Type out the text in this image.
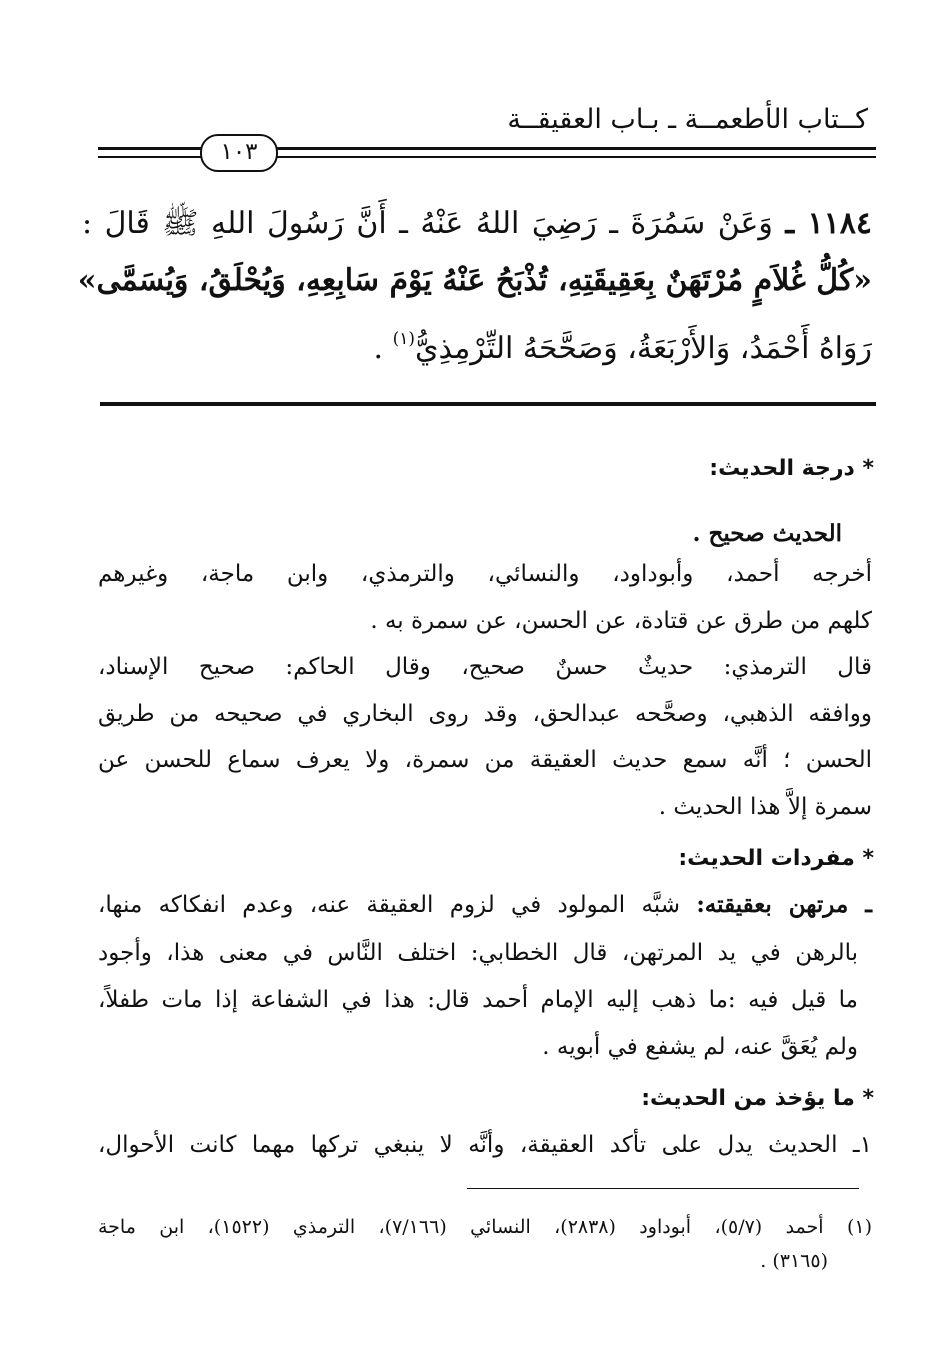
كــتاب الأطعمــة ـ بـاب العقيقــة
١٠٣
١١٨٤ ـ وَعَنْ سَمُرَةَ ـ رَضِيَ اللهُ عَنْهُ ـ أَنَّ رَسُولَ اللهِ ﷺ قَالَ :
«كُلُّ غُلاَمٍ مُرْتَهَنٌ بِعَقِيقَتِهِ، تُذْبَحُ عَنْهُ يَوْمَ سَابِعِهِ، وَيُحْلَقُ، وَيُسَمَّى»
رَوَاهُ أَحْمَدُ، وَالأَرْبَعَةُ، وَصَحَّحَهُ التِّرْمِذِيُّ$^{(١)}$ .
* درجة الحديث:
الحديث صحيح .
أخرجه أحمد، وأبوداود، والنسائي، والترمذي، وابن ماجة، وغيرهم
كلهم من طرق عن قتادة، عن الحسن، عن سمرة به .
قال الترمذي: حديثٌ حسنٌ صحيح، وقال الحاكم: صحيح الإسناد،
ووافقه الذهبي، وصحَّحه عبدالحق، وقد روى البخاري في صحيحه من طريق
الحسن ؛ أنَّه سمع حديث العقيقة من سمرة، ولا يعرف سماع للحسن عن
سمرة إلاَّ هذا الحديث .
* مفردات الحديث:
ـ مرتهن بعقيقته: شبَّه المولود في لزوم العقيقة عنه، وعدم انفكاكه منها،
بالرهن في يد المرتهن، قال الخطابي: اختلف النَّاس في معنى هذا، وأجود
ما قيل فيه :ما ذهب إليه الإمام أحمد قال: هذا في الشفاعة إذا مات طفلاً،
ولم يُعَقَّ عنه، لم يشفع في أبويه .
* ما يؤخذ من الحديث:
١ـ الحديث يدل على تأكد العقيقة، وأنَّه لا ينبغي تركها مهما كانت الأحوال،
(١) أحمد (٥/٧)، أبوداود (٢٨٣٨)، النسائي (٧/١٦٦)، الترمذي (١٥٢٢)، ابن ماجة
(٣١٦٥) .
